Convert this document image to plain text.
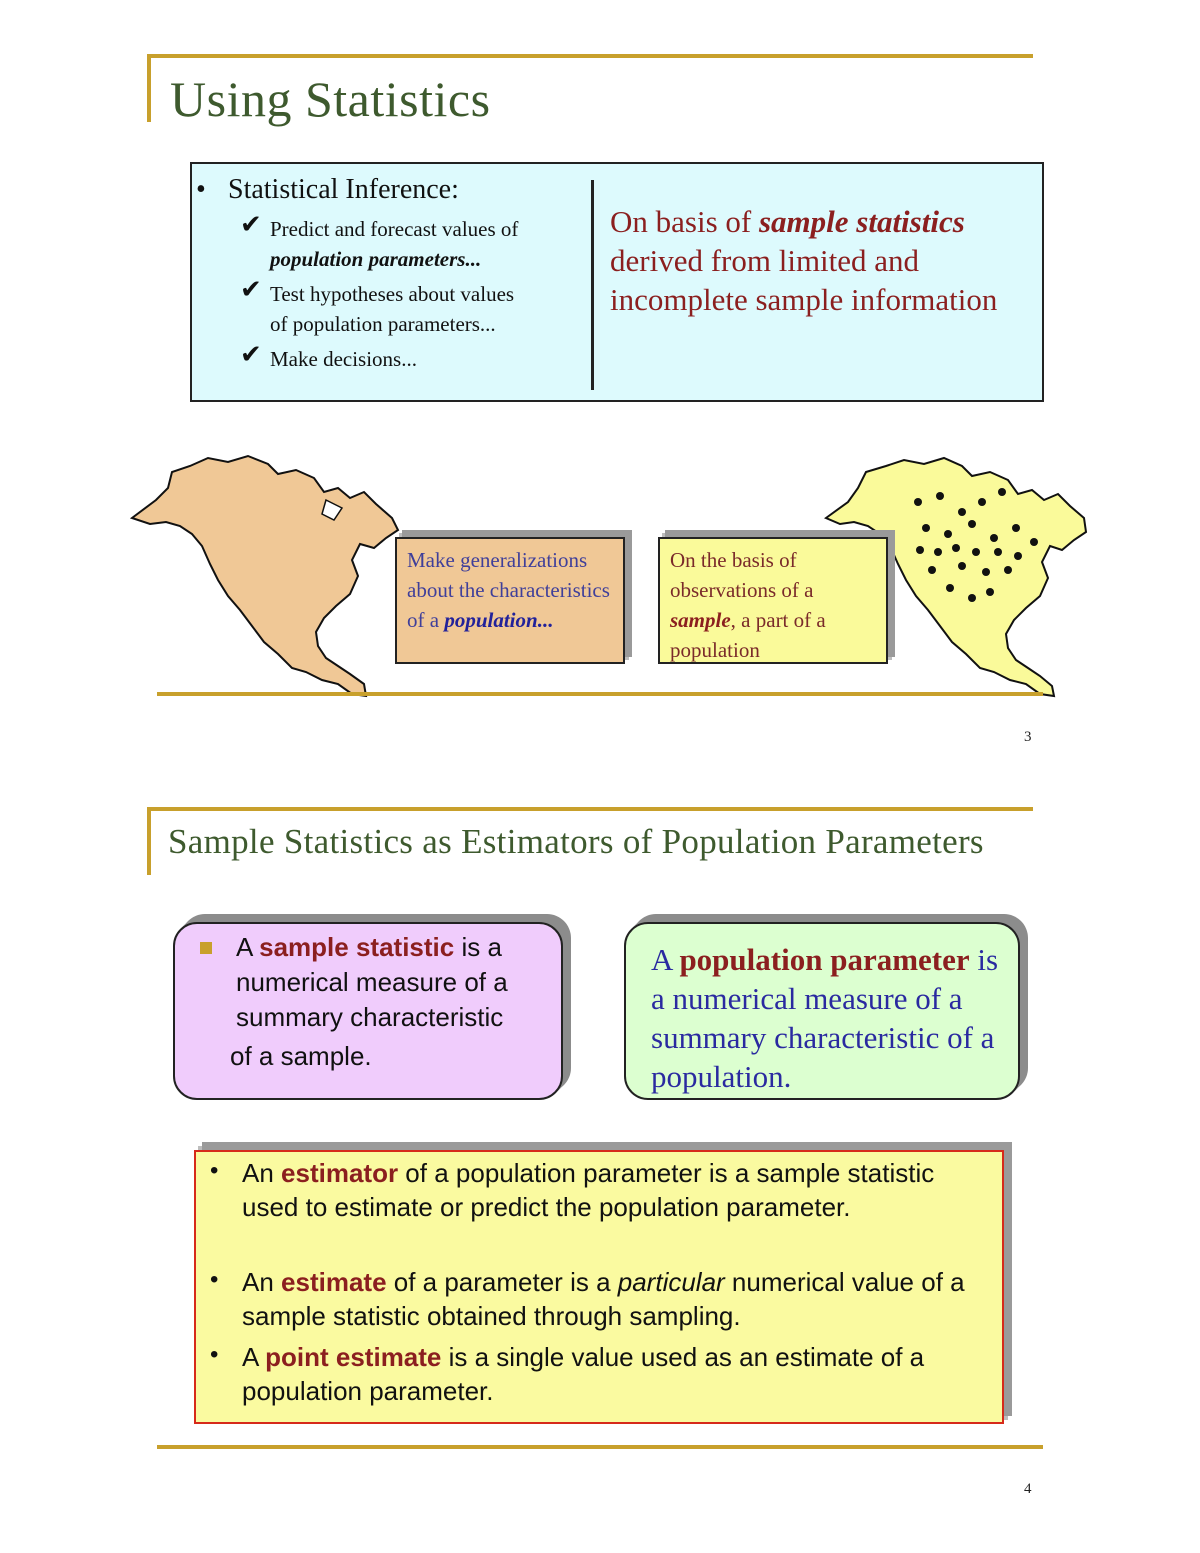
Using Statistics
• Statistical Inference:
✔ Predict and forecast values of
population parameters...
✔ Test hypotheses about values
of population parameters...
✔ Make decisions...
On basis of sample statistics derived from limited and incomplete sample information
Make generalizations about the characteristics of a population...
On the basis of observations of a sample, a part of a population
3
Sample Statistics as Estimators of Population Parameters
A sample statistic is a numerical measure of a summary characteristic
of a sample.
A population parameter is a numerical measure of a summary characteristic of a population.
• An estimator of a population parameter is a sample statistic used to estimate or predict the population parameter.
• An estimate of a parameter is a particular numerical value of a sample statistic obtained through sampling.
• A point estimate is a single value used as an estimate of a population parameter.
4
